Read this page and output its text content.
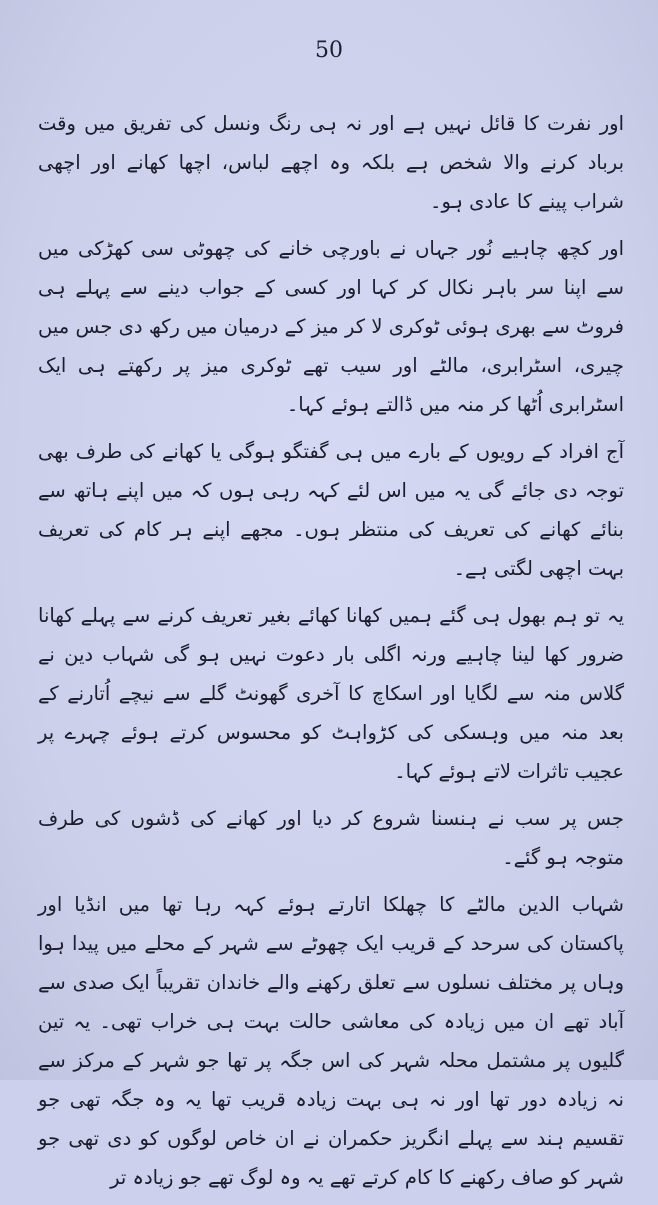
50

اور نفرت کا قائل نہیں ہے اور نہ ہی رنگ ونسل کی تفریق میں وقت برباد کرنے والا شخص ہے بلکہ وہ اچھے لباس، اچھا کھانے اور اچھی شراب پینے کا عادی ہو۔

اور کچھ چاہیے نُور جہاں نے باورچی خانے کی چھوٹی سی کھڑکی میں سے اپنا سر باہر نکال کر کہا اور کسی کے جواب دینے سے پہلے ہی فروٹ سے بھری ہوئی ٹوکری لا کر میز کے درمیان میں رکھ دی جس میں چیری، اسٹرابری، مالٹے اور سیب تھے ٹوکری میز پر رکھتے ہی ایک اسٹرابری اُٹھا کر منہ میں ڈالتے ہوئے کہا۔

آج افراد کے رویوں کے بارے میں ہی گفتگو ہوگی یا کھانے کی طرف بھی توجہ دی جائے گی یہ میں اس لئے کہہ رہی ہوں کہ میں اپنے ہاتھ سے بنائے کھانے کی تعریف کی منتظر ہوں۔ مجھے اپنے ہر کام کی تعریف بہت اچھی لگتی ہے۔

یہ تو ہم بھول ہی گئے ہمیں کھانا کھائے بغیر تعریف کرنے سے پہلے کھانا ضرور کھا لینا چاہیے ورنہ اگلی بار دعوت نہیں ہو گی شہاب دین نے گلاس منہ سے لگایا اور اسکاچ کا آخری گھونٹ گلے سے نیچے اُتارنے کے بعد منہ میں وہسکی کی کڑواہٹ کو محسوس کرتے ہوئے چہرے پر عجیب تاثرات لاتے ہوئے کہا۔

جس پر سب نے ہنسنا شروع کر دیا اور کھانے کی ڈشوں کی طرف متوجہ ہو گئے۔

شہاب الدین مالٹے کا چھلکا اتارتے ہوئے کہہ رہا تھا میں انڈیا اور پاکستان کی سرحد کے قریب ایک چھوٹے سے شہر کے محلے میں پیدا ہوا وہاں پر مختلف نسلوں سے تعلق رکھنے والے خاندان تقریباً ایک صدی سے آباد تھے ان میں زیادہ کی معاشی حالت بہت ہی خراب تھی۔ یہ تین گلیوں پر مشتمل محلہ شہر کی اس جگہ پر تھا جو شہر کے مرکز سے نہ زیادہ دور تھا اور نہ ہی بہت زیادہ قریب تھا یہ وہ جگہ تھی جو تقسیم ہند سے پہلے انگریز حکمران نے ان خاص لوگوں کو دی تھی جو شہر کو صاف رکھنے کا کام کرتے تھے یہ وہ لوگ تھے جو زیادہ تر
